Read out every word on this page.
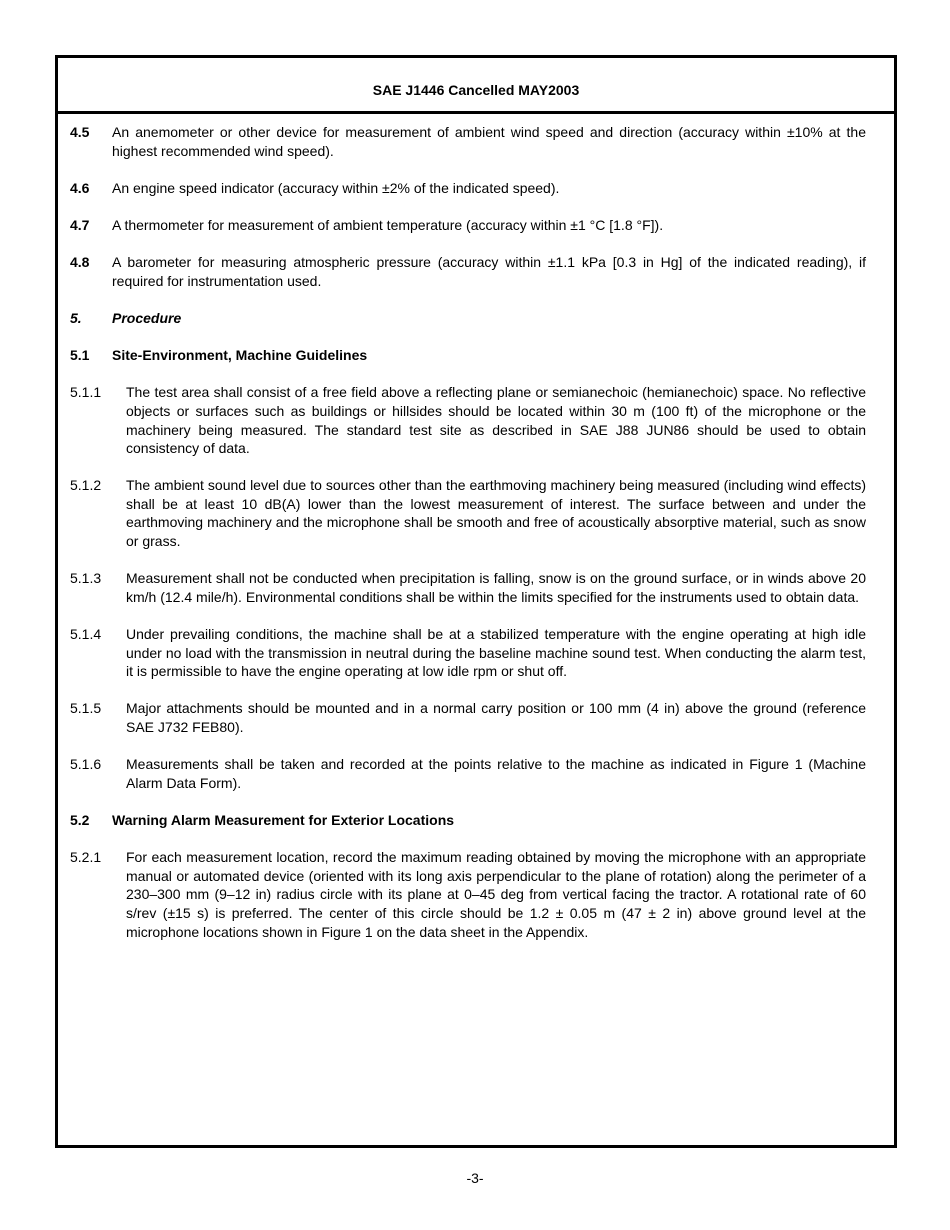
SAE J1446 Cancelled MAY2003
4.5 An anemometer or other device for measurement of ambient wind speed and direction (accuracy within ±10% at the highest recommended wind speed).
4.6 An engine speed indicator (accuracy within ±2% of the indicated speed).
4.7 A thermometer for measurement of ambient temperature (accuracy within ±1 °C [1.8 °F]).
4.8 A barometer for measuring atmospheric pressure (accuracy within ±1.1 kPa [0.3 in Hg] of the indicated reading), if required for instrumentation used.
5. Procedure
5.1 Site-Environment, Machine Guidelines
5.1.1 The test area shall consist of a free field above a reflecting plane or semianechoic (hemianechoic) space. No reflective objects or surfaces such as buildings or hillsides should be located within 30 m (100 ft) of the microphone or the machinery being measured. The standard test site as described in SAE J88 JUN86 should be used to obtain consistency of data.
5.1.2 The ambient sound level due to sources other than the earthmoving machinery being measured (including wind effects) shall be at least 10 dB(A) lower than the lowest measurement of interest. The surface between and under the earthmoving machinery and the microphone shall be smooth and free of acoustically absorptive material, such as snow or grass.
5.1.3 Measurement shall not be conducted when precipitation is falling, snow is on the ground surface, or in winds above 20 km/h (12.4 mile/h). Environmental conditions shall be within the limits specified for the instruments used to obtain data.
5.1.4 Under prevailing conditions, the machine shall be at a stabilized temperature with the engine operating at high idle under no load with the transmission in neutral during the baseline machine sound test. When conducting the alarm test, it is permissible to have the engine operating at low idle rpm or shut off.
5.1.5 Major attachments should be mounted and in a normal carry position or 100 mm (4 in) above the ground (reference SAE J732 FEB80).
5.1.6 Measurements shall be taken and recorded at the points relative to the machine as indicated in Figure 1 (Machine Alarm Data Form).
5.2 Warning Alarm Measurement for Exterior Locations
5.2.1 For each measurement location, record the maximum reading obtained by moving the microphone with an appropriate manual or automated device (oriented with its long axis perpendicular to the plane of rotation) along the perimeter of a 230–300 mm (9–12 in) radius circle with its plane at 0–45 deg from vertical facing the tractor. A rotational rate of 60 s/rev (±15 s) is preferred. The center of this circle should be 1.2 ± 0.05 m (47 ± 2 in) above ground level at the microphone locations shown in Figure 1 on the data sheet in the Appendix.
-3-
